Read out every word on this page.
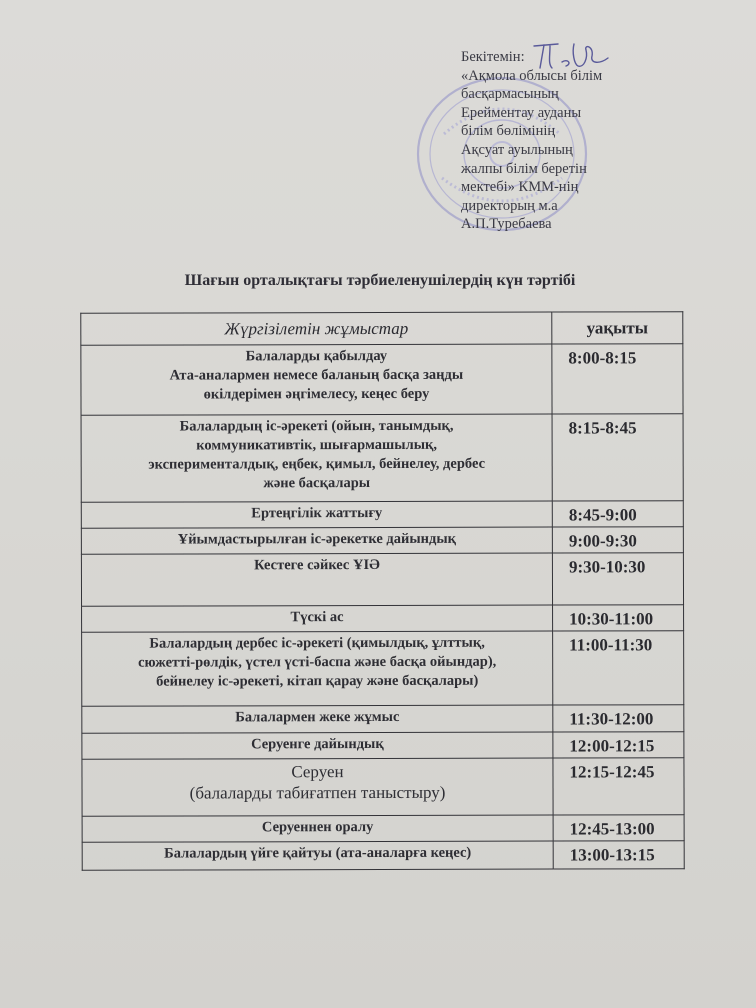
Бекітемін:
«Ақмола облысы білім
басқармасының
Ерейментау ауданы
білім бөлімінің
Ақсуат ауылының
жалпы білім беретін
мектебі» КММ-нің
директорың м.а
А.П.Туребаева
Шағын орталықтағы тәрбиеленушілердің күн тәртібі
Жүргізілетін жұмыстар	уақыты

Балаларды қабылдау
Ата-аналармен немесе баланың басқа заңды
өкілдерімен әңгімелесу, кеңес беру	8:00-8:15

Балалардың іс-әрекеті (ойын, танымдық,
коммуникативтік, шығармашылық,
эксперименталдық, еңбек, қимыл, бейнелеу, дербес
және басқалары	8:15-8:45

Ертеңгілік жаттығу	8:45-9:00

Ұйымдастырылған іс-әрекетке дайындық	9:00-9:30

Кестеге сәйкес ҰІӘ	9:30-10:30

Түскі ас	10:30-11:00

Балалардың дербес іс-әрекеті (қимылдық, ұлттық,
сюжетті-рөлдік, үстел үсті-баспа және басқа ойындар),
бейнелеу іс-әрекеті, кітап қарау және басқалары)	11:00-11:30

Балалармен жеке жұмыс	11:30-12:00

Серуенге дайындық	12:00-12:15

Серуен
(балаларды табиғатпен таныстыру)	12:15-12:45

Серуеннен оралу	12:45-13:00

Балалардың үйге қайтуы (ата-аналарға кеңес)	13:00-13:15
